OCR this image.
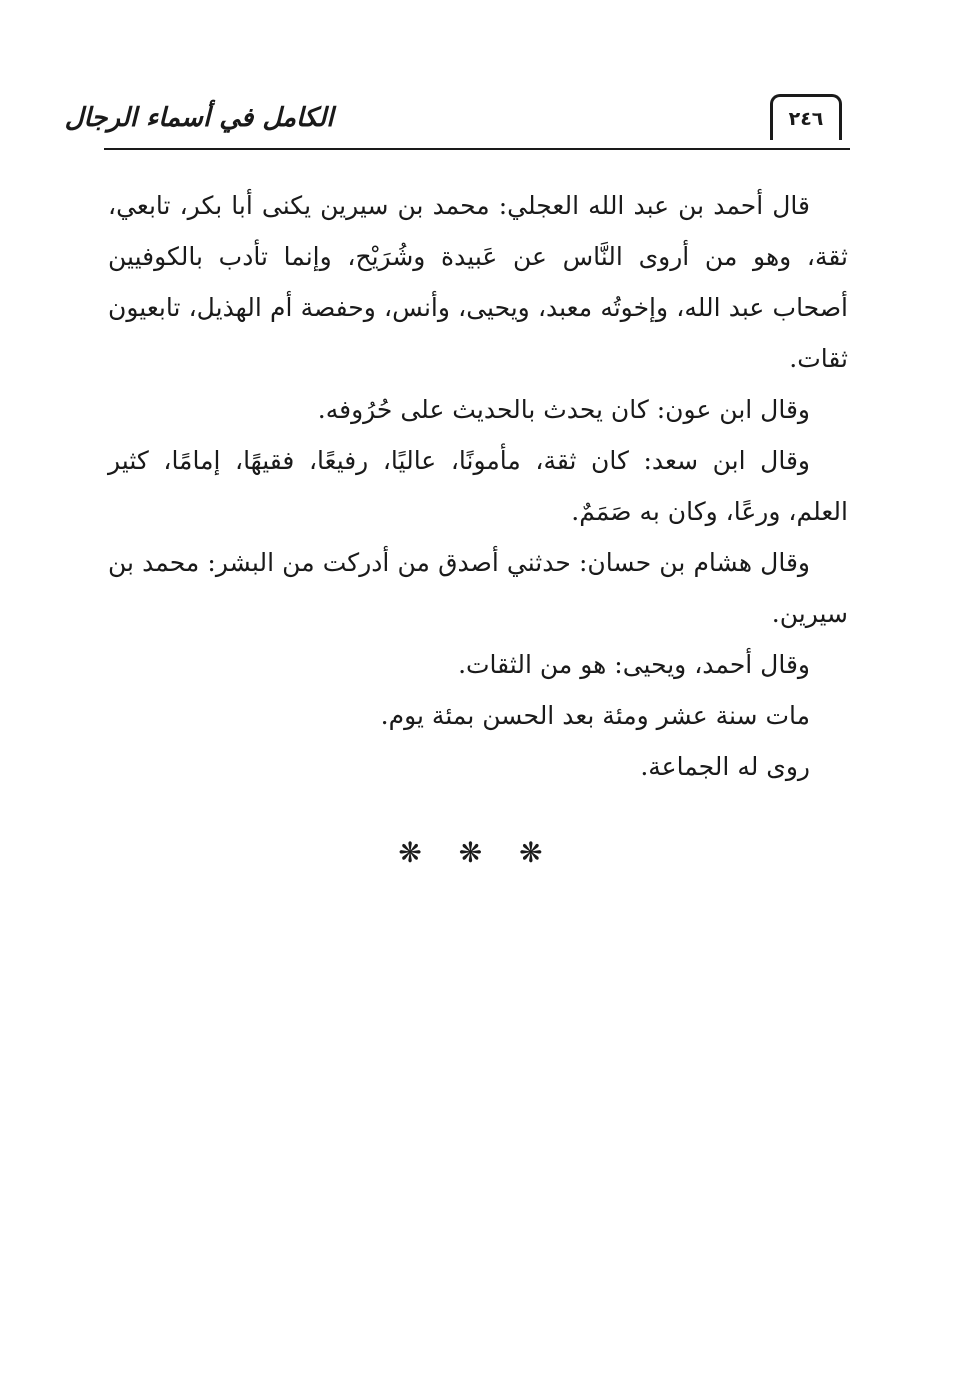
٢٤٦
الكامل في أسماء الرجال

قال أحمد بن عبد الله العجلي: محمد بن سيرين يكنى أبا بكر، تابعي، ثقة، وهو من أروى النَّاس عن عَبيدة وشُرَيْح، وإنما تأدب بالكوفيين أصحاب عبد الله، وإخوتُه معبد، ويحيى، وأنس، وحفصة أم الهذيل، تابعيون ثقات.

وقال ابن عون: كان يحدث بالحديث على حُرُوفه.

وقال ابن سعد: كان ثقة، مأمونًا، عاليًا، رفيعًا، فقيهًا، إمامًا، كثير العلم، ورعًا، وكان به صَمَمٌ.

وقال هشام بن حسان: حدثني أصدق من أدركت من البشر: محمد بن سيرين.

وقال أحمد، ويحيى: هو من الثقات.

مات سنة عشر ومئة بعد الحسن بمئة يوم.

روى له الجماعة.

❋ ❋ ❋
